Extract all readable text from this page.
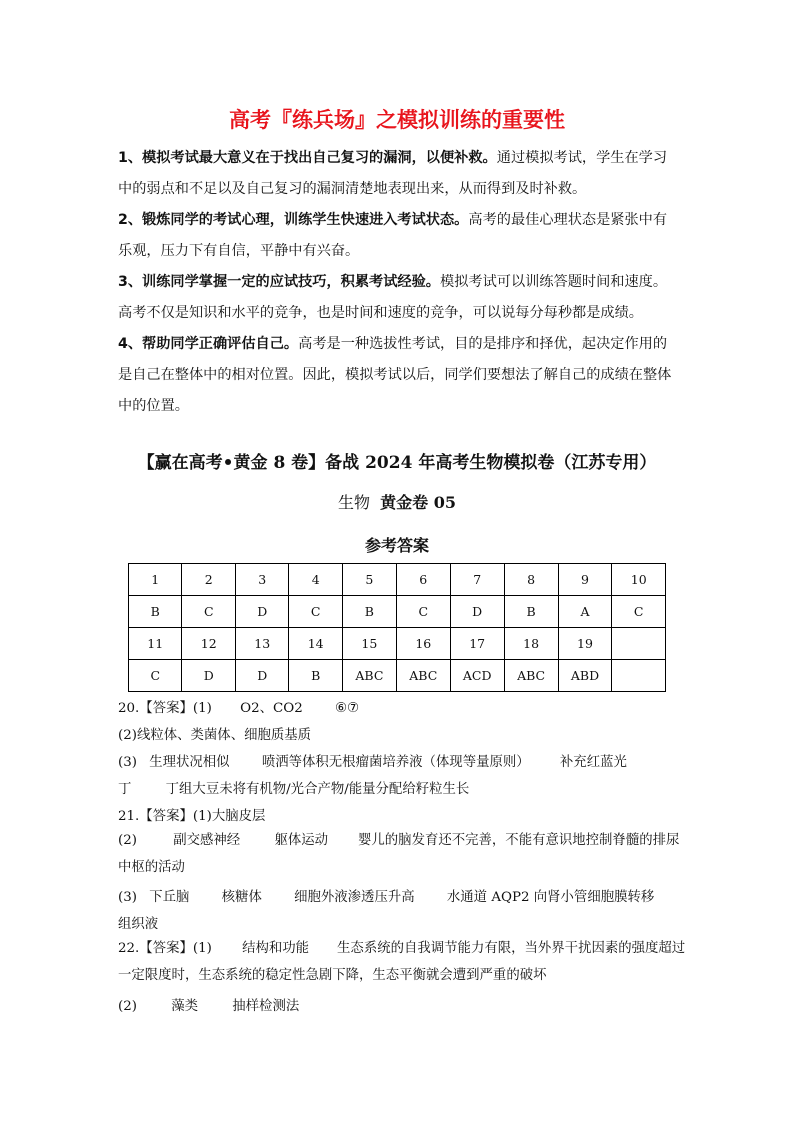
高考『练兵场』之模拟训练的重要性

1、模拟考试最大意义在于找出自己复习的漏洞，以便补救。通过模拟考试，学生在学习中的弱点和不足以及自己复习的漏洞清楚地表现出来，从而得到及时补救。

2、锻炼同学的考试心理，训练学生快速进入考试状态。高考的最佳心理状态是紧张中有乐观，压力下有自信，平静中有兴奋。

3、训练同学掌握一定的应试技巧，积累考试经验。模拟考试可以训练答题时间和速度。高考不仅是知识和水平的竞争，也是时间和速度的竞争，可以说每分每秒都是成绩。

4、帮助同学正确评估自己。高考是一种选拔性考试，目的是排序和择优，起决定作用的是自己在整体中的相对位置。因此，模拟考试以后，同学们要想法了解自己的成绩在整体中的位置。

【赢在高考•黄金 8 卷】备战 2024 年高考生物模拟卷（江苏专用）
生物 黄金卷 05
参考答案
1	2	3	4	5	6	7	8	9	10
B	C	D	C	B	C	D	B	A	C
11	12	13	14	15	16	17	18	19	
C	D	D	B	ABC	ABC	ACD	ABC	ABD	
20.【答案】(1) O2、CO2 ⑥⑦
(2)线粒体、类菌体、细胞质基质
(3) 生理状况相似 喷洒等体积无根瘤菌培养液（体现等量原则） 补充红蓝光
丁	丁组大豆未将有机物/光合产物/能量分配给籽粒生长
21.【答案】(1)大脑皮层
(2)	副交感神经	躯体运动 婴儿的脑发育还不完善，不能有意识地控制脊髓的排尿中枢的活动
(3) 下丘脑 核糖体 细胞外液渗透压升高 水通道 AQP2 向肾小管细胞膜转移
组织液
22.【答案】(1) 结构和功能 生态系统的自我调节能力有限，当外界干扰因素的强度超过一定限度时，生态系统的稳定性急剧下降，生态平衡就会遭到严重的破坏
(2)	藻类	抽样检测法
